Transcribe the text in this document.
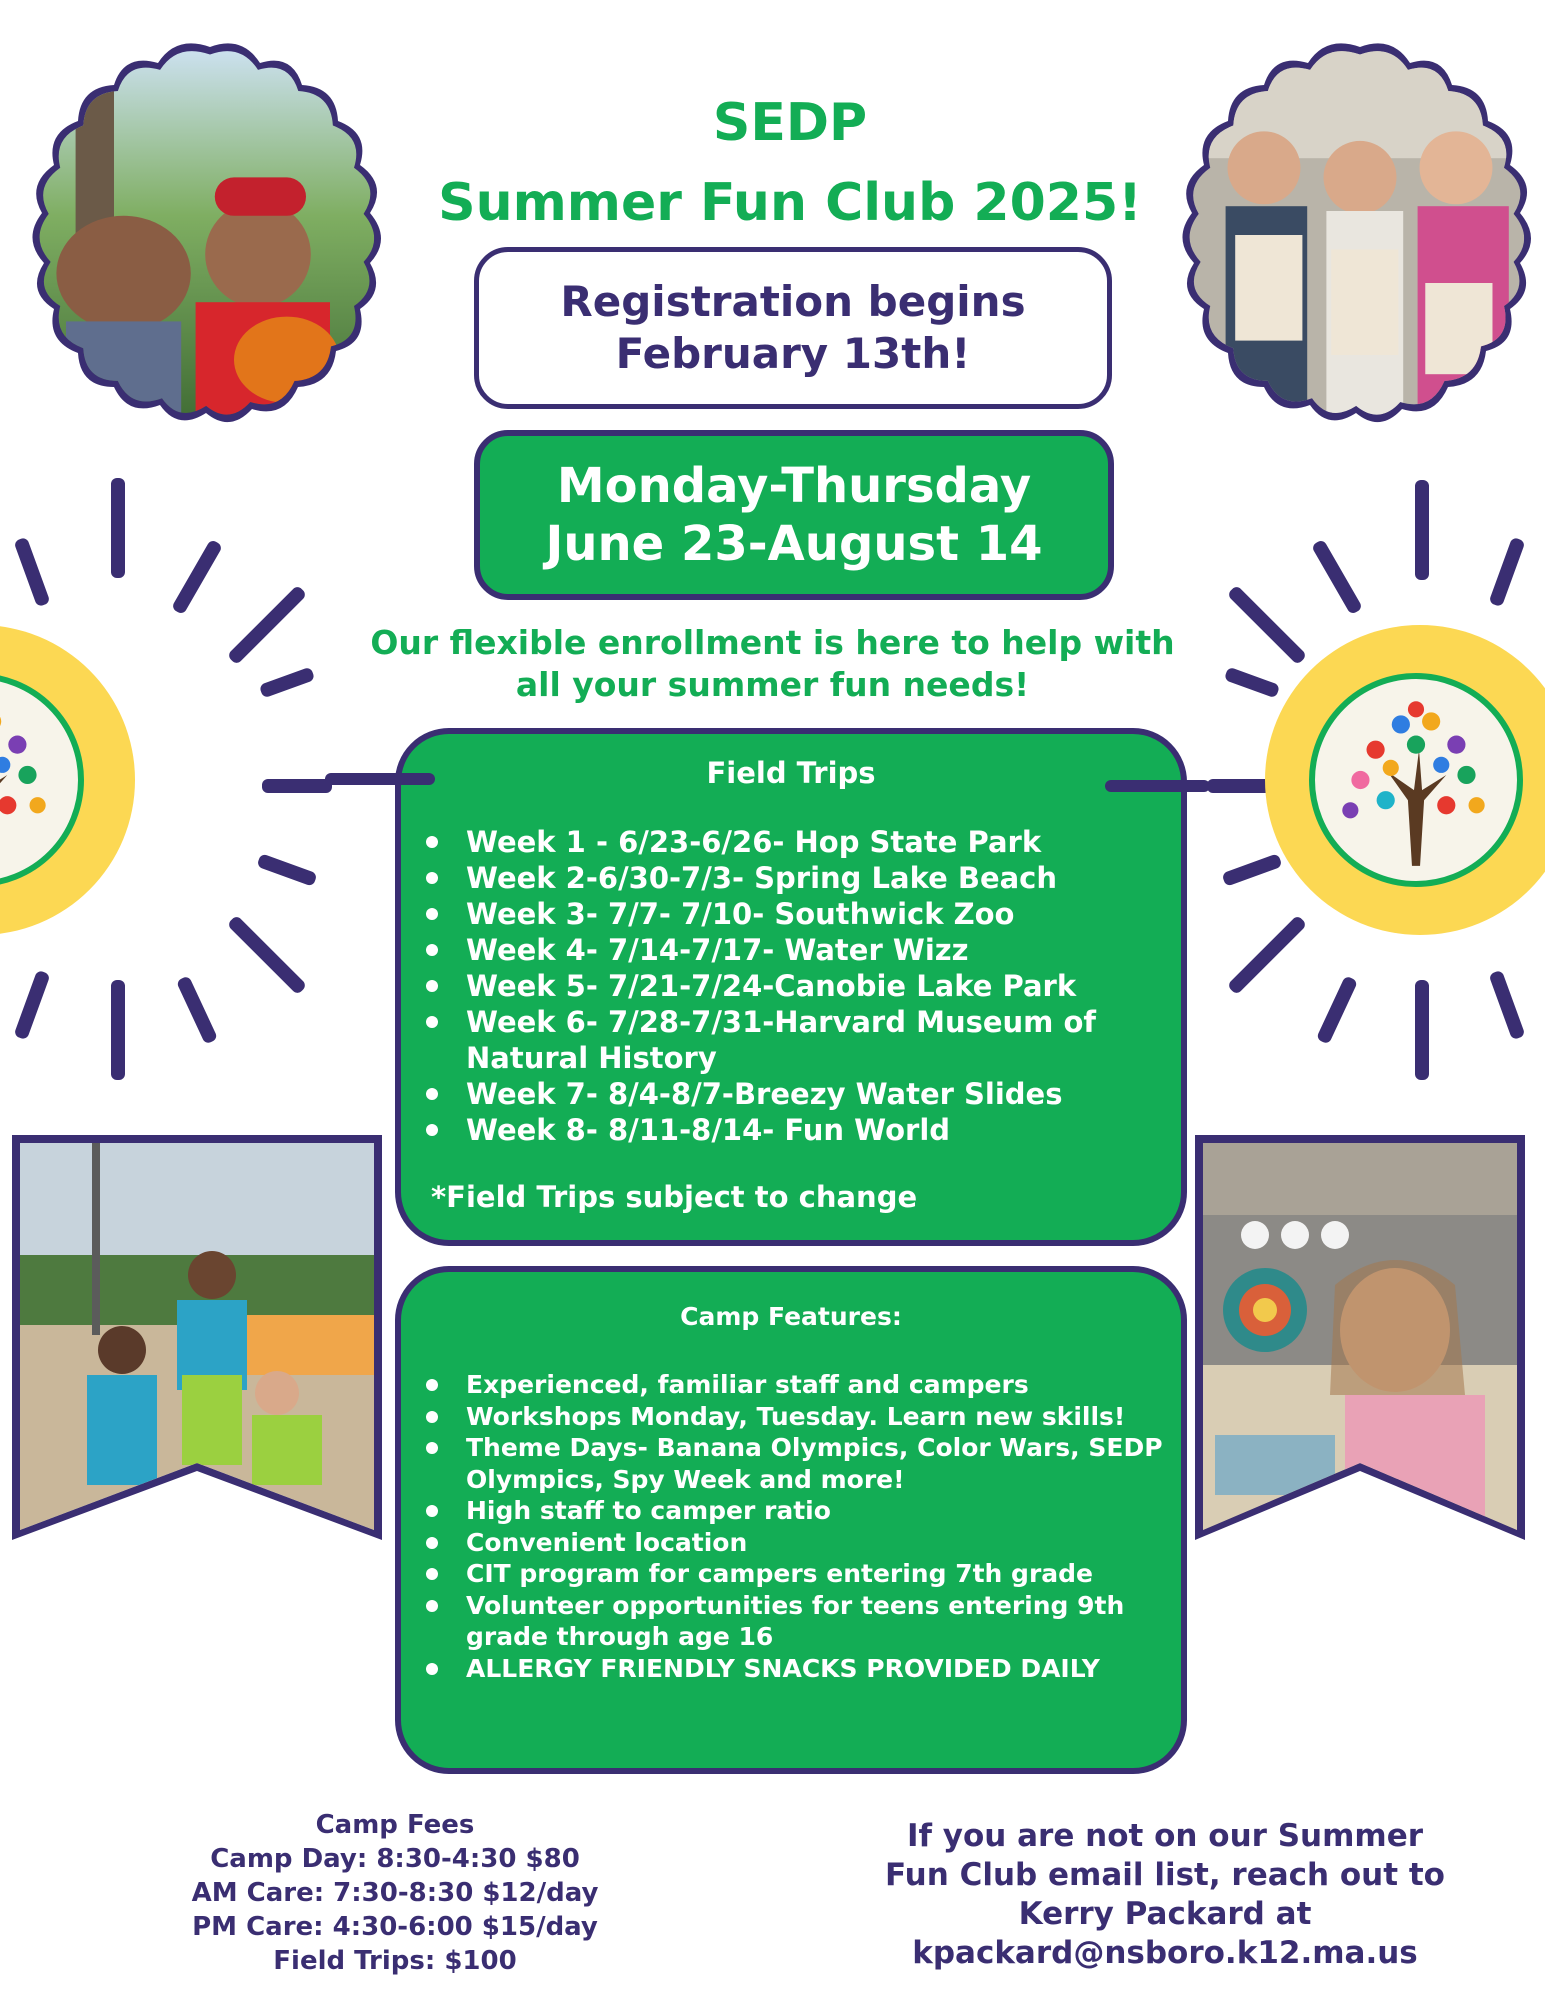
SEDP
Summer Fun Club 2025!
Registration begins
February 13th!
Monday-Thursday
June 23-August 14
Our flexible enrollment is here to help with
all your summer fun needs!
Field Trips
Week 1 - 6/23-6/26- Hop State Park
Week 2-6/30-7/3- Spring Lake Beach
Week 3- 7/7- 7/10- Southwick Zoo
Week 4- 7/14-7/17- Water Wizz
Week 5- 7/21-7/24-Canobie Lake Park
Week 6- 7/28-7/31-Harvard Museum of Natural History
Week 7- 8/4-8/7-Breezy Water Slides
Week 8- 8/11-8/14- Fun World
*Field Trips subject to change
Camp Features:
Experienced, familiar staff and campers
Workshops Monday, Tuesday. Learn new skills!
Theme Days- Banana Olympics, Color Wars, SEDP Olympics, Spy Week and more!
High staff to camper ratio
Convenient location
CIT program for campers entering 7th grade
Volunteer opportunities for teens entering 9th grade through age 16
ALLERGY FRIENDLY SNACKS PROVIDED DAILY
Camp Fees
Camp Day: 8:30-4:30 $80
AM Care: 7:30-8:30 $12/day
PM Care: 4:30-6:00 $15/day
Field Trips: $100
If you are not on our Summer
Fun Club email list, reach out to
Kerry Packard at
kpackard@nsboro.k12.ma.us
